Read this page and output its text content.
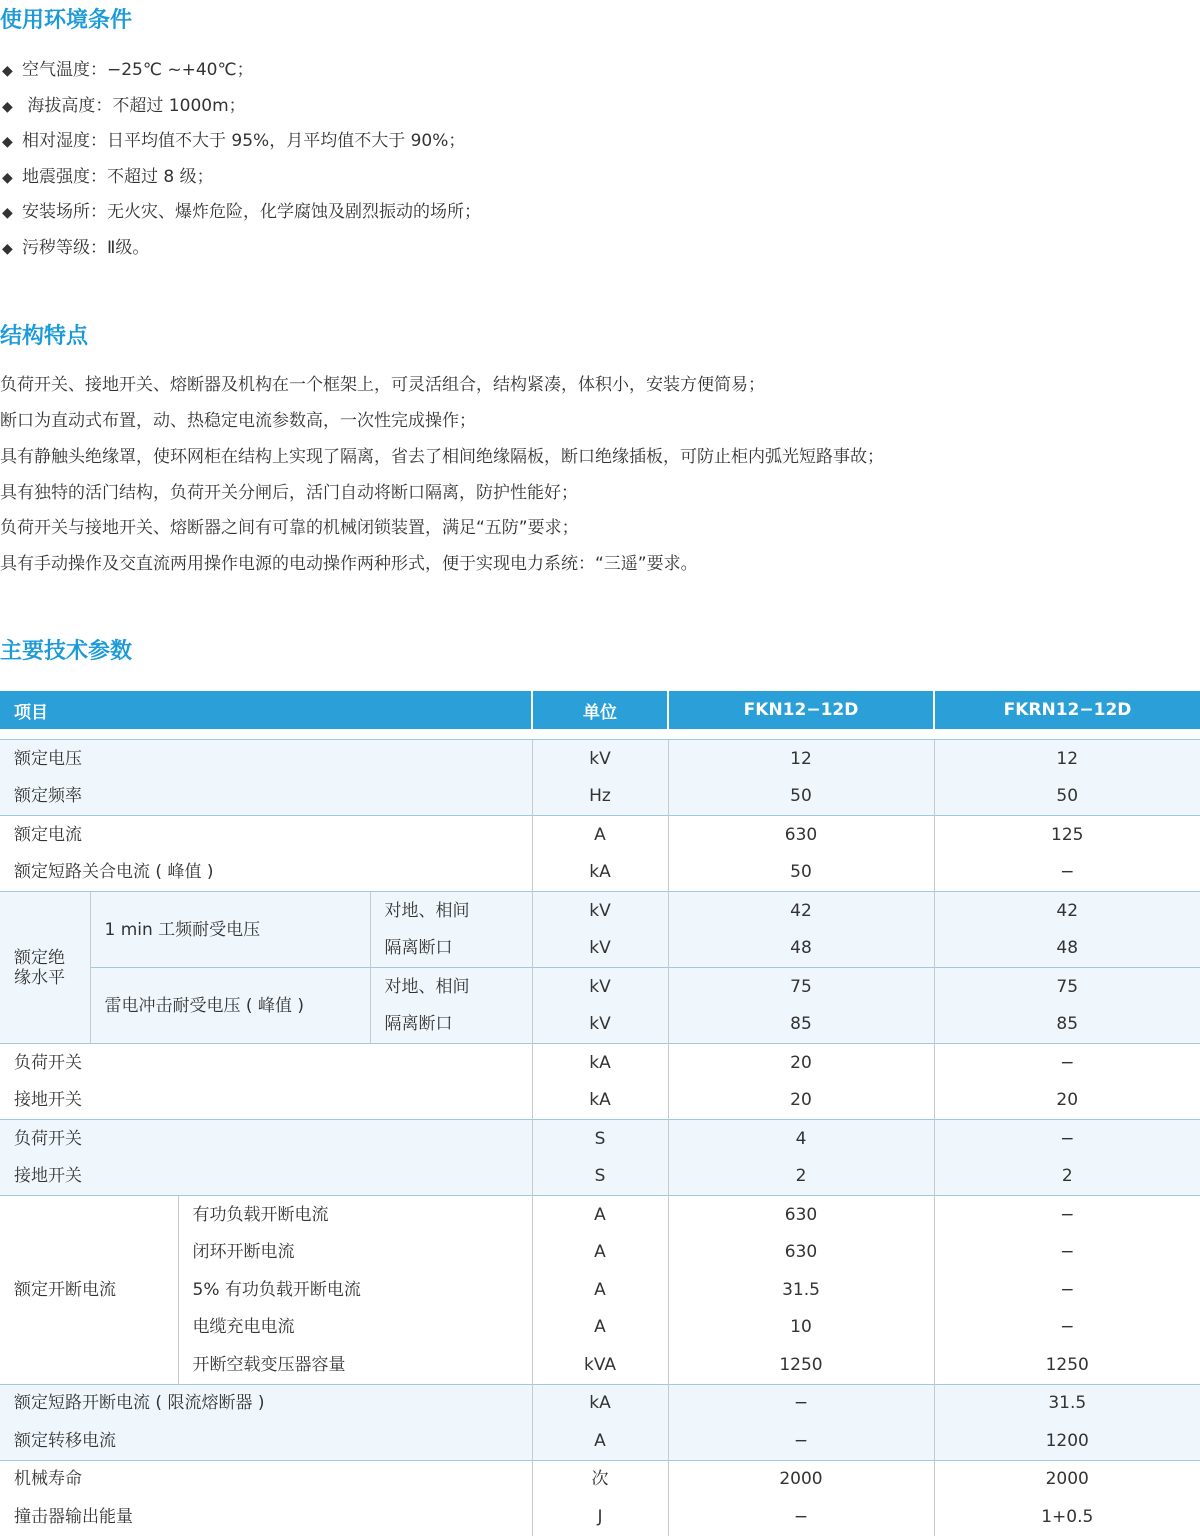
使用环境条件
◆ 空气温度：−25℃ ~+40℃；
◆ 海拔高度：不超过 1000m；
◆ 相对湿度：日平均值不大于 95%，月平均值不大于 90%；
◆ 地震强度：不超过 8 级；
◆ 安装场所：无火灾、爆炸危险，化学腐蚀及剧烈振动的场所；
◆ 污秽等级：Ⅱ级。
结构特点
负荷开关、接地开关、熔断器及机构在一个框架上，可灵活组合，结构紧凑，体积小，安装方便简易；
断口为直动式布置，动、热稳定电流参数高，一次性完成操作；
具有静触头绝缘罩，使环网柜在结构上实现了隔离，省去了相间绝缘隔板，断口绝缘插板，可防止柜内弧光短路事故；
具有独特的活门结构，负荷开关分闸后，活门自动将断口隔离，防护性能好；
负荷开关与接地开关、熔断器之间有可靠的机械闭锁装置，满足“五防”要求；
具有手动操作及交直流两用操作电源的电动操作两种形式，便于实现电力系统：“三遥”要求。
主要技术参数
项目				单位	FKN12−12D	FKRN12−12D

额定电压				kV	12	12
额定频率				Hz	50	50
额定电流				A	630	125
额定短路关合电流 ( 峰值 )				kA	50	−
额定绝缘水平	1 min 工频耐受电压		对地、相间	kV	42	42
			隔离断口	kV	48	48
	雷电冲击耐受电压 ( 峰值 )		对地、相间	kV	75	75
			隔离断口	kV	85	85
负荷开关				kA	20	−
接地开关				kA	20	20
负荷开关				S	4	−
接地开关				S	2	2
额定开断电流		有功负载开断电流		A	630	−
		闭环开断电流		A	630	−
		5% 有功负载开断电流		A	31.5	−
		电缆充电电流		A	10	−
		开断空载变压器容量		kVA	1250	1250
额定短路开断电流 ( 限流熔断器 )				kA	−	31.5
额定转移电流				A	−	1200
机械寿命				次	2000	2000
撞击器输出能量				J	−	1+0.5
